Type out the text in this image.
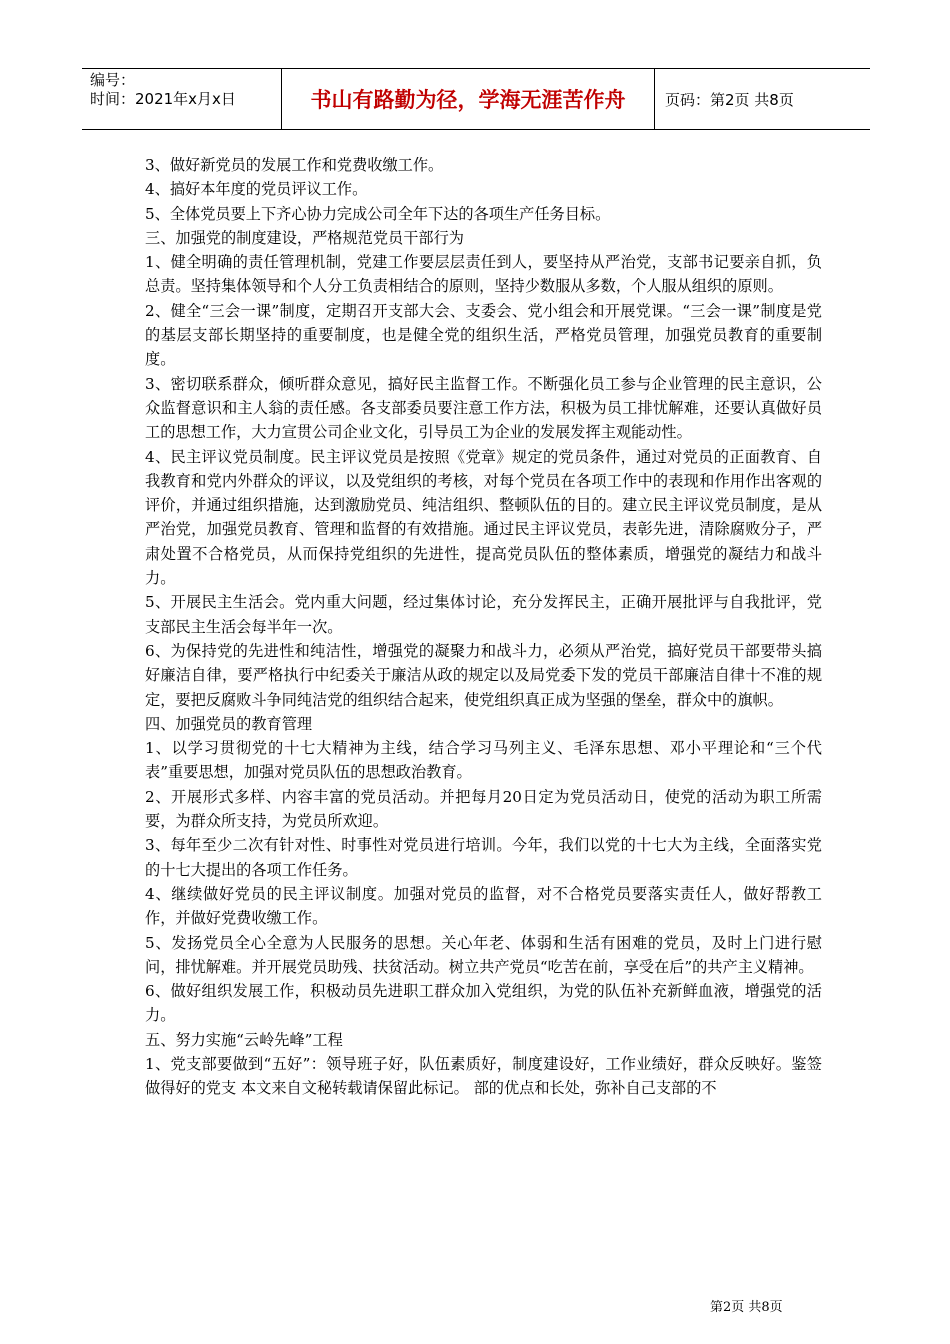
编号：
时间：2021年x月x日	书山有路勤为径，学海无涯苦作舟	页码：第2页 共8页

3、做好新党员的发展工作和党费收缴工作。

4、搞好本年度的党员评议工作。

5、全体党员要上下齐心协力完成公司全年下达的各项生产任务目标。

三、加强党的制度建设，严格规范党员干部行为

1、健全明确的责任管理机制，党建工作要层层责任到人，要坚持从严治党，支部书记要亲自抓，负总责。坚持集体领导和个人分工负责相结合的原则，坚持少数服从多数，个人服从组织的原则。

2、健全“三会一课”制度，定期召开支部大会、支委会、党小组会和开展党课。“三会一课”制度是党的基层支部长期坚持的重要制度，也是健全党的组织生活，严格党员管理，加强党员教育的重要制度。

3、密切联系群众，倾听群众意见，搞好民主监督工作。不断强化员工参与企业管理的民主意识，公众监督意识和主人翁的责任感。各支部委员要注意工作方法，积极为员工排忧解难，还要认真做好员工的思想工作，大力宣贯公司企业文化，引导员工为企业的发展发挥主观能动性。

4、民主评议党员制度。民主评议党员是按照《党章》规定的党员条件，通过对党员的正面教育、自我教育和党内外群众的评议，以及党组织的考核，对每个党员在各项工作中的表现和作用作出客观的评价，并通过组织措施，达到激励党员、纯洁组织、整顿队伍的目的。建立民主评议党员制度，是从严治党，加强党员教育、管理和监督的有效措施。通过民主评议党员，表彰先进，清除腐败分子，严肃处置不合格党员，从而保持党组织的先进性，提高党员队伍的整体素质，增强党的凝结力和战斗力。

5、开展民主生活会。党内重大问题，经过集体讨论，充分发挥民主，正确开展批评与自我批评，党支部民主生活会每半年一次。

6、为保持党的先进性和纯洁性，增强党的凝聚力和战斗力，必须从严治党，搞好党员干部要带头搞好廉洁自律，要严格执行中纪委关于廉洁从政的规定以及局党委下发的党员干部廉洁自律十不准的规定，要把反腐败斗争同纯洁党的组织结合起来，使党组织真正成为坚强的堡垒，群众中的旗帜。

四、加强党员的教育管理

1、以学习贯彻党的十七大精神为主线，结合学习马列主义、毛泽东思想、邓小平理论和“三个代表”重要思想，加强对党员队伍的思想政治教育。

2、开展形式多样、内容丰富的党员活动。并把每月20日定为党员活动日，使党的活动为职工所需要，为群众所支持，为党员所欢迎。

3、每年至少二次有针对性、时事性对党员进行培训。今年，我们以党的十七大为主线，全面落实党的十七大提出的各项工作任务。

4、继续做好党员的民主评议制度。加强对党员的监督，对不合格党员要落实责任人，做好帮教工作，并做好党费收缴工作。

5、发扬党员全心全意为人民服务的思想。关心年老、体弱和生活有困难的党员，及时上门进行慰问，排忧解难。并开展党员助残、扶贫活动。树立共产党员“吃苦在前，享受在后”的共产主义精神。

6、做好组织发展工作，积极动员先进职工群众加入党组织，为党的队伍补充新鲜血液，增强党的活力。

五、努力实施“云岭先峰”工程

1、党支部要做到“五好”：领导班子好，队伍素质好，制度建设好，工作业绩好，群众反映好。鉴签做得好的党支 本文来自文秘转载请保留此标记。 部的优点和长处，弥补自己支部的不

第2页 共8页
